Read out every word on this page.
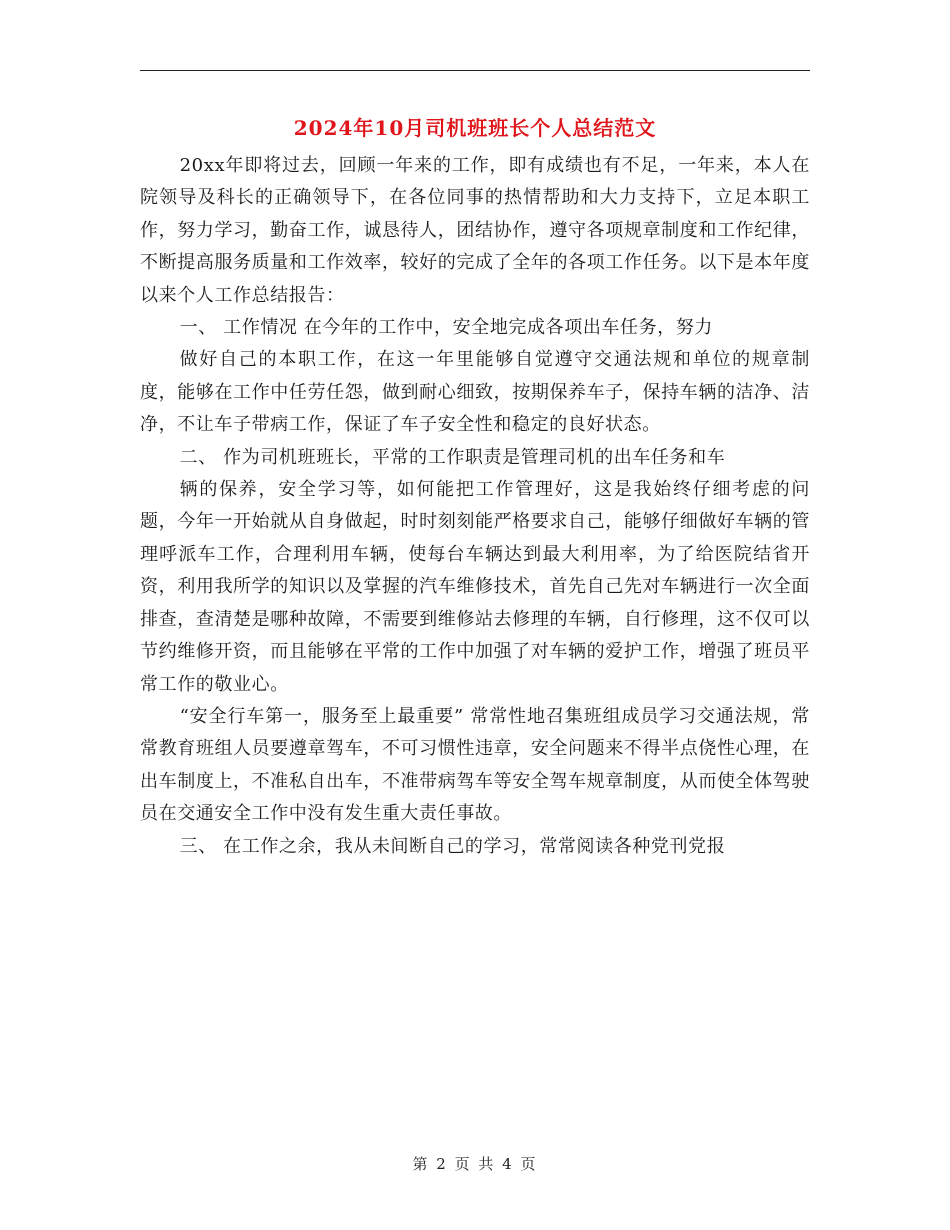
2024年10月司机班班长个人总结范文

20xx年即将过去，回顾一年来的工作，即有成绩也有不足，一年来，本人在院领导及科长的正确领导下，在各位同事的热情帮助和大力支持下，立足本职工作，努力学习，勤奋工作，诚恳待人，团结协作，遵守各项规章制度和工作纪律，不断提高服务质量和工作效率，较好的完成了全年的各项工作任务。以下是本年度以来个人工作总结报告：

一、 工作情况 在今年的工作中，安全地完成各项出车任务，努力

做好自己的本职工作，在这一年里能够自觉遵守交通法规和单位的规章制度，能够在工作中任劳任怨，做到耐心细致，按期保养车子，保持车辆的洁净、洁净，不让车子带病工作，保证了车子安全性和稳定的良好状态。

二、 作为司机班班长，平常的工作职责是管理司机的出车任务和车

辆的保养，安全学习等，如何能把工作管理好，这是我始终仔细考虑的问题，今年一开始就从自身做起，时时刻刻能严格要求自己，能够仔细做好车辆的管理呼派车工作，合理利用车辆，使每台车辆达到最大利用率，为了给医院结省开资，利用我所学的知识以及掌握的汽车维修技术，首先自己先对车辆进行一次全面排查，查清楚是哪种故障，不需要到维修站去修理的车辆，自行修理，这不仅可以节约维修开资，而且能够在平常的工作中加强了对车辆的爱护工作，增强了班员平常工作的敬业心。

“安全行车第一，服务至上最重要” 常常性地召集班组成员学习交通法规，常常教育班组人员要遵章驾车，不可习惯性违章，安全问题来不得半点侥性心理，在出车制度上，不准私自出车，不准带病驾车等安全驾车规章制度，从而使全体驾驶员在交通安全工作中没有发生重大责任事故。

三、 在工作之余，我从未间断自己的学习，常常阅读各种党刊党报

第 2 页 共 4 页
